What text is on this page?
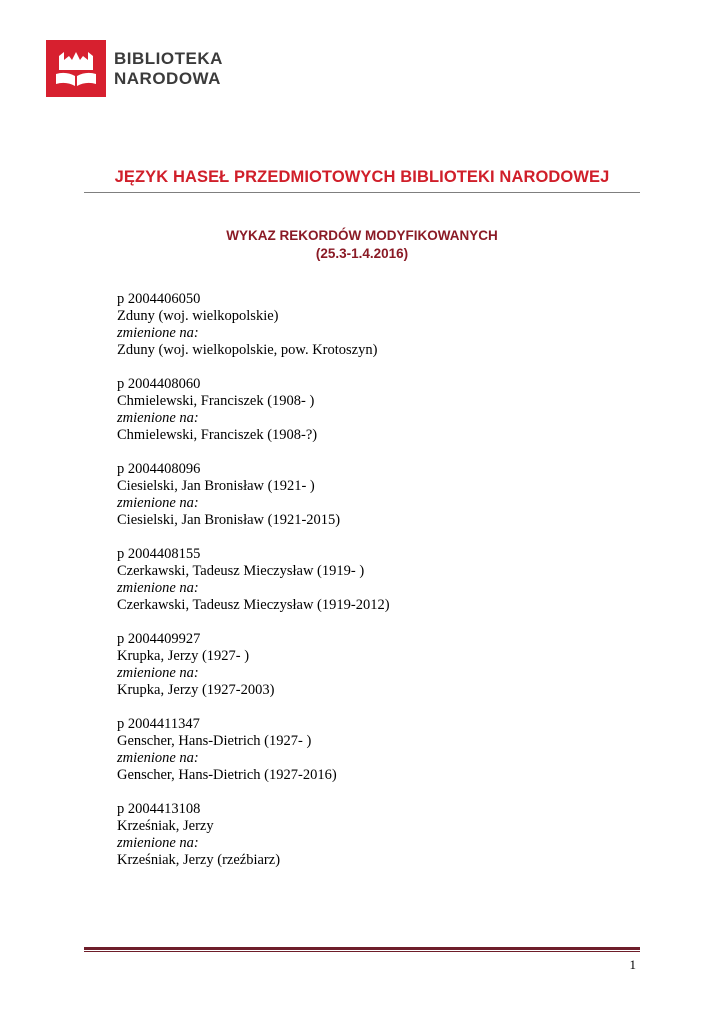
BIBLIOTEKA
NARODOWA
JĘZYK HASEŁ PRZEDMIOTOWYCH BIBLIOTEKI NARODOWEJ
WYKAZ REKORDÓW MODYFIKOWANYCH
(25.3-1.4.2016)
p 2004406050
Zduny (woj. wielkopolskie)
zmienione na:
Zduny (woj. wielkopolskie, pow. Krotoszyn)
p 2004408060
Chmielewski, Franciszek (1908- )
zmienione na:
Chmielewski, Franciszek (1908-?)
p 2004408096
Ciesielski, Jan Bronisław (1921- )
zmienione na:
Ciesielski, Jan Bronisław (1921-2015)
p 2004408155
Czerkawski, Tadeusz Mieczysław (1919- )
zmienione na:
Czerkawski, Tadeusz Mieczysław (1919-2012)
p 2004409927
Krupka, Jerzy (1927- )
zmienione na:
Krupka, Jerzy (1927-2003)
p 2004411347
Genscher, Hans-Dietrich (1927- )
zmienione na:
Genscher, Hans-Dietrich (1927-2016)
p 2004413108
Krześniak, Jerzy
zmienione na:
Krześniak, Jerzy (rzeźbiarz)
1
